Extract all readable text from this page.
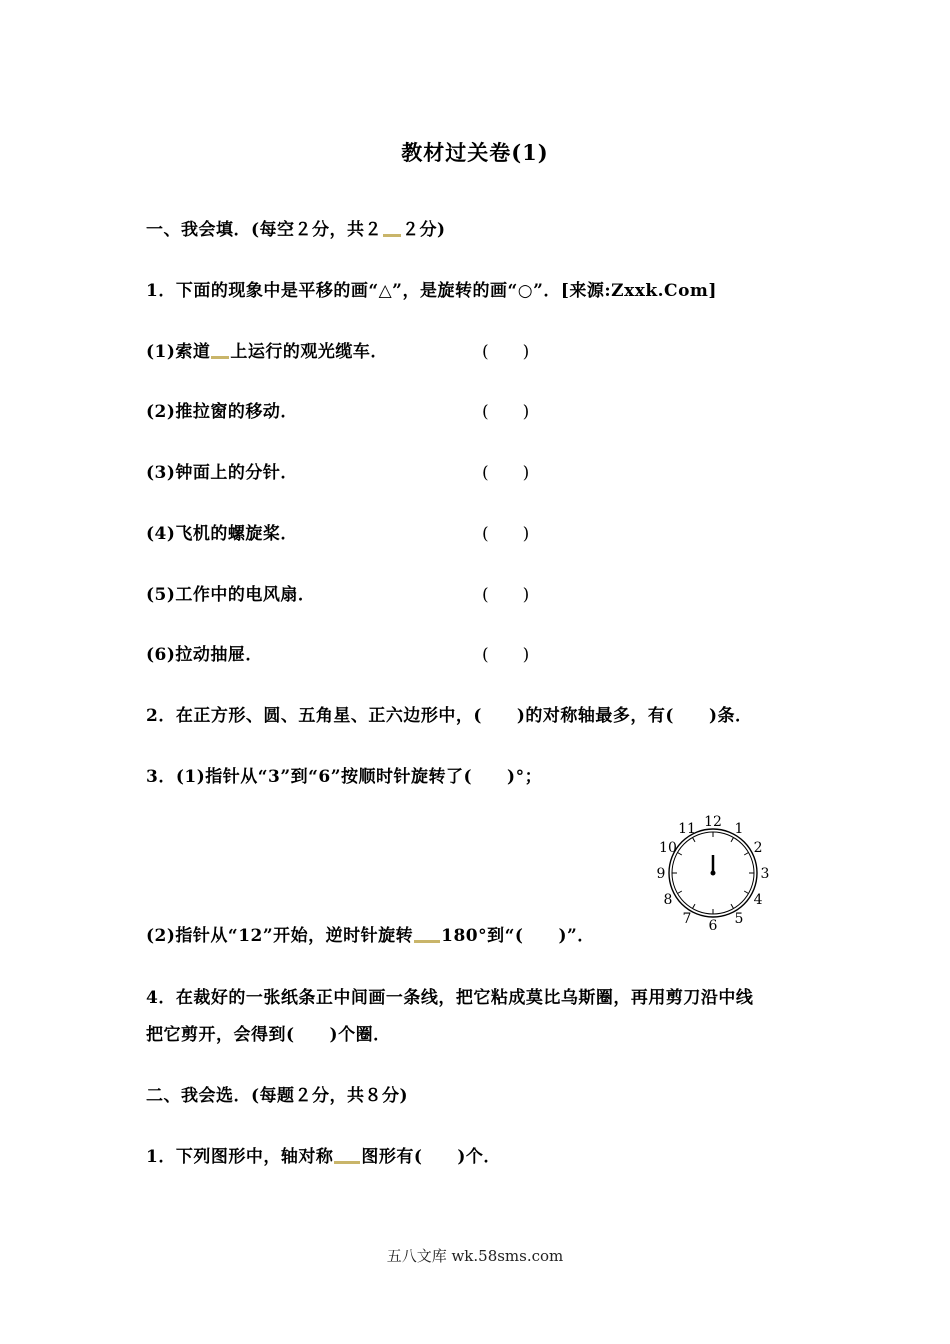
教材过关卷(1)
一、我会填．(每空２分，共２ ２分)
1．下面的现象中是平移的画“△”，是旋转的画“○”．[来源:Zxxk.Com]
(1)索道 上运行的观光缆车．	(　　)
(2)推拉窗的移动．	(　　)
(3)钟面上的分针．	(　　)
(4)飞机的螺旋桨．	(　　)
(5)工作中的电风扇．	(　　)
(6)拉动抽屉．	(　　)
2．在正方形、圆、五角星、正六边形中，(　　)的对称轴最多，有(　　)条．
3．(1)指针从“3”到“6”按顺时针旋转了(　　)°；
12 1
2
3
4
5
6
7
8
9
10
11
(2)指针从“12”开始，逆时针旋转 180°到“(　　)”．
4．在裁好的一张纸条正中间画一条线，把它粘成莫比乌斯圈，再用剪刀沿中线
把它剪开，会得到(　　)个圈．
二、我会选．(每题２分，共８分)
1．下列图形中，轴对称 图形有(　　)个．
五八文库 wk.58sms.com
